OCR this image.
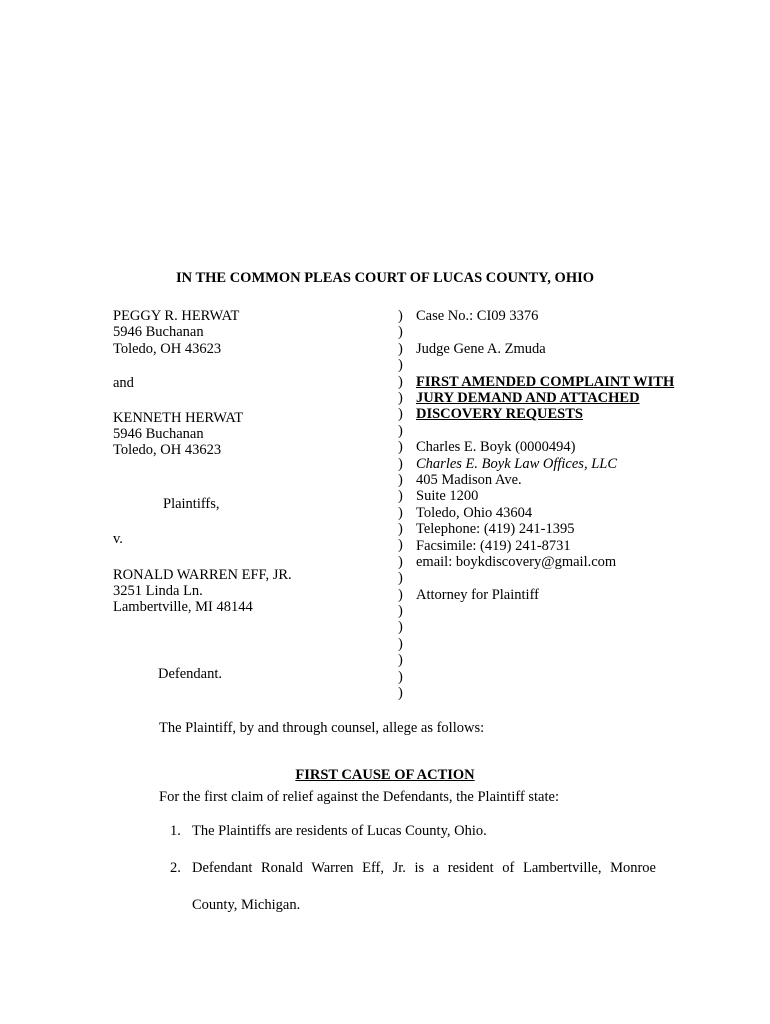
IN THE COMMON PLEAS COURT OF LUCAS COUNTY, OHIO
PEGGY R. HERWAT
5946 Buchanan
Toledo, OH 43623
and
KENNETH HERWAT
5946 Buchanan
Toledo, OH 43623
Plaintiffs,
v.
RONALD WARREN EFF, JR.
3251 Linda Ln.
Lambertville, MI 48144
Defendant.
)
)
)
)
)
)
)
)
)
)
)
)
)
)
)
)
)
)
)
)
)
)
)
)
Case No.: CI09 3376
Judge Gene A. Zmuda
FIRST AMENDED COMPLAINT WITH
JURY DEMAND AND ATTACHED
DISCOVERY REQUESTS
Charles E. Boyk (0000494)
Charles E. Boyk Law Offices, LLC
405 Madison Ave.
Suite 1200
Toledo, Ohio 43604
Telephone: (419) 241-1395
Facsimile: (419) 241-8731
email: boykdiscovery@gmail.com
Attorney for Plaintiff
The Plaintiff, by and through counsel, allege as follows:
FIRST CAUSE OF ACTION
For the first claim of relief against the Defendants, the Plaintiff state:
1. The Plaintiffs are residents of Lucas County, Ohio.
2. Defendant Ronald Warren Eff, Jr. is a resident of Lambertville, Monroe
County, Michigan.
